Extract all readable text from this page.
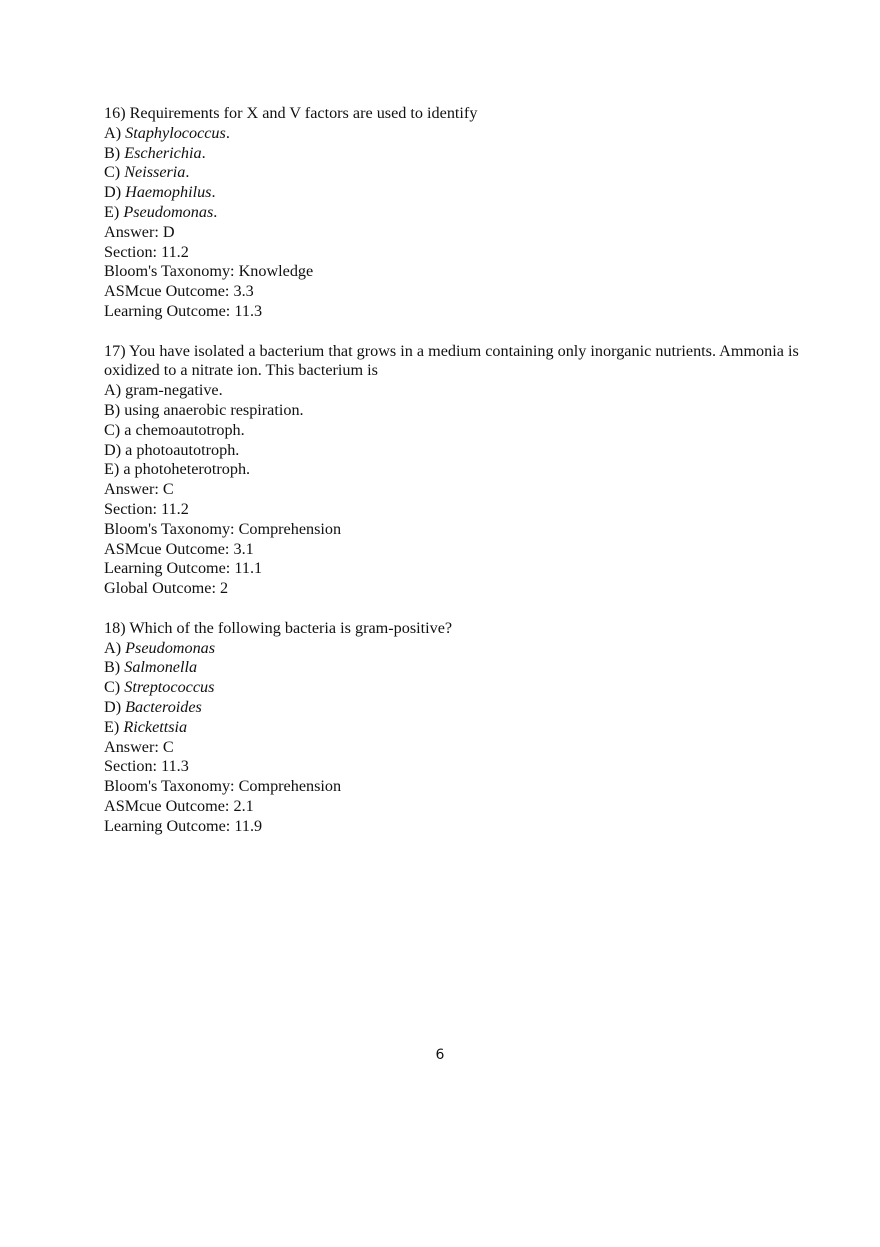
16) Requirements for X and V factors are used to identify
A) Staphylococcus.
B) Escherichia.
C) Neisseria.
D) Haemophilus.
E) Pseudomonas.
Answer: D
Section: 11.2
Bloom's Taxonomy: Knowledge
ASMcue Outcome: 3.3
Learning Outcome: 11.3
17) You have isolated a bacterium that grows in a medium containing only inorganic nutrients. Ammonia is oxidized to a nitrate ion. This bacterium is
A) gram-negative.
B) using anaerobic respiration.
C) a chemoautotroph.
D) a photoautotroph.
E) a photoheterotroph.
Answer: C
Section: 11.2
Bloom's Taxonomy: Comprehension
ASMcue Outcome: 3.1
Learning Outcome: 11.1
Global Outcome: 2
18) Which of the following bacteria is gram-positive?
A) Pseudomonas
B) Salmonella
C) Streptococcus
D) Bacteroides
E) Rickettsia
Answer: C
Section: 11.3
Bloom's Taxonomy: Comprehension
ASMcue Outcome: 2.1
Learning Outcome: 11.9
6
